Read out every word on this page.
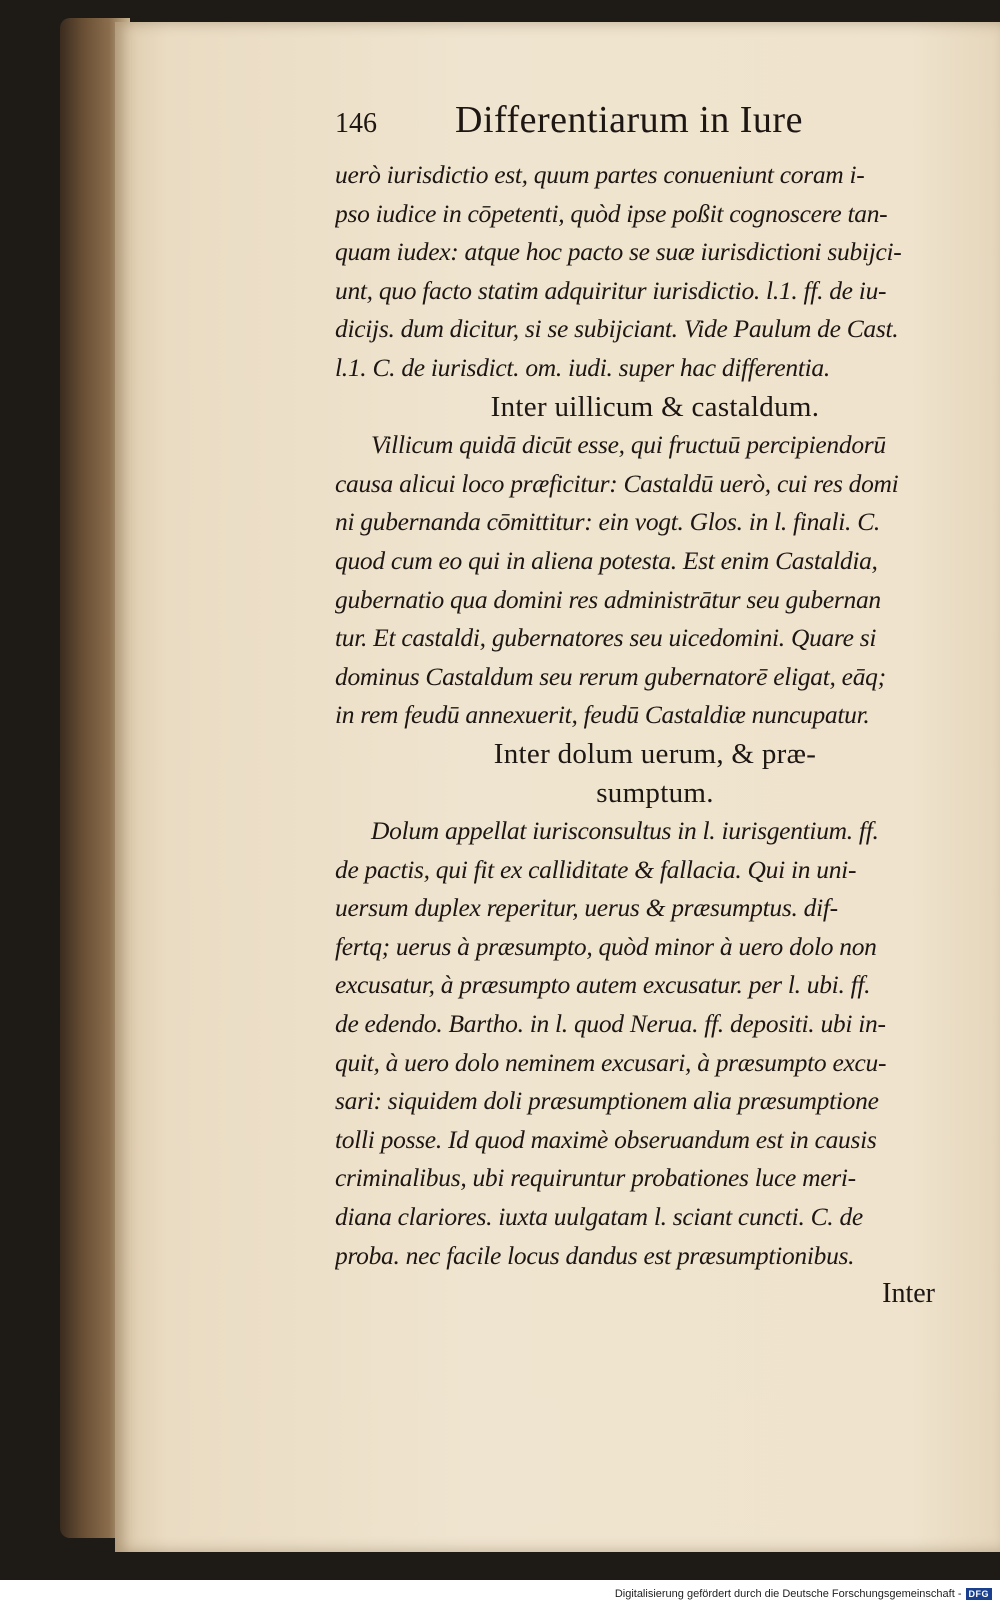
146	Differentiarum in Iure
uerò iurisdictio est, quum partes conueniunt coram i-
pso iudice in cōpetenti, quòd ipse poßit cognoscere tan-
quam iudex: atque hoc pacto se suæ iurisdictioni subijci-
unt, quo facto statim adquiritur iurisdictio. l.1. ff. de iu-
dicijs. dum dicitur, si se subijciant. Vide Paulum de Cast.
l.1. C. de iurisdict. om. iudi. super hac differentia.
Inter uillicum & castaldum.
Villicum quidā dicūt esse, qui fructuū percipiendorū
causa alicui loco præficitur: Castaldū uerò, cui res domi
ni gubernanda cōmittitur: ein vogt. Glos. in l. finali. C.
quod cum eo qui in aliena potesta. Est enim Castaldia,
gubernatio qua domini res administrātur seu gubernan
tur. Et castaldi, gubernatores seu uicedomini. Quare si
dominus Castaldum seu rerum gubernatorē eligat, eāq;
in rem feudū annexuerit, feudū Castaldiæ nuncupatur.
Inter dolum uerum, & præ-
sumptum.
Dolum appellat iurisconsultus in l. iurisgentium. ff.
de pactis, qui fit ex calliditate & fallacia. Qui in uni-
uersum duplex reperitur, uerus & præsumptus. dif-
fertq; uerus à præsumpto, quòd minor à uero dolo non
excusatur, à præsumpto autem excusatur. per l. ubi. ff.
de edendo. Bartho. in l. quod Nerua. ff. depositi. ubi in-
quit, à uero dolo neminem excusari, à præsumpto excu-
sari: siquidem doli præsumptionem alia præsumptione
tolli posse. Id quod maximè obseruandum est in causis
criminalibus, ubi requiruntur probationes luce meri-
diana clariores. iuxta uulgatam l. sciant cuncti. C. de
proba. nec facile locus dandus est præsumptionibus.
Inter
Digitalisierung gefördert durch die Deutsche Forschungsgemeinschaft - DFG
